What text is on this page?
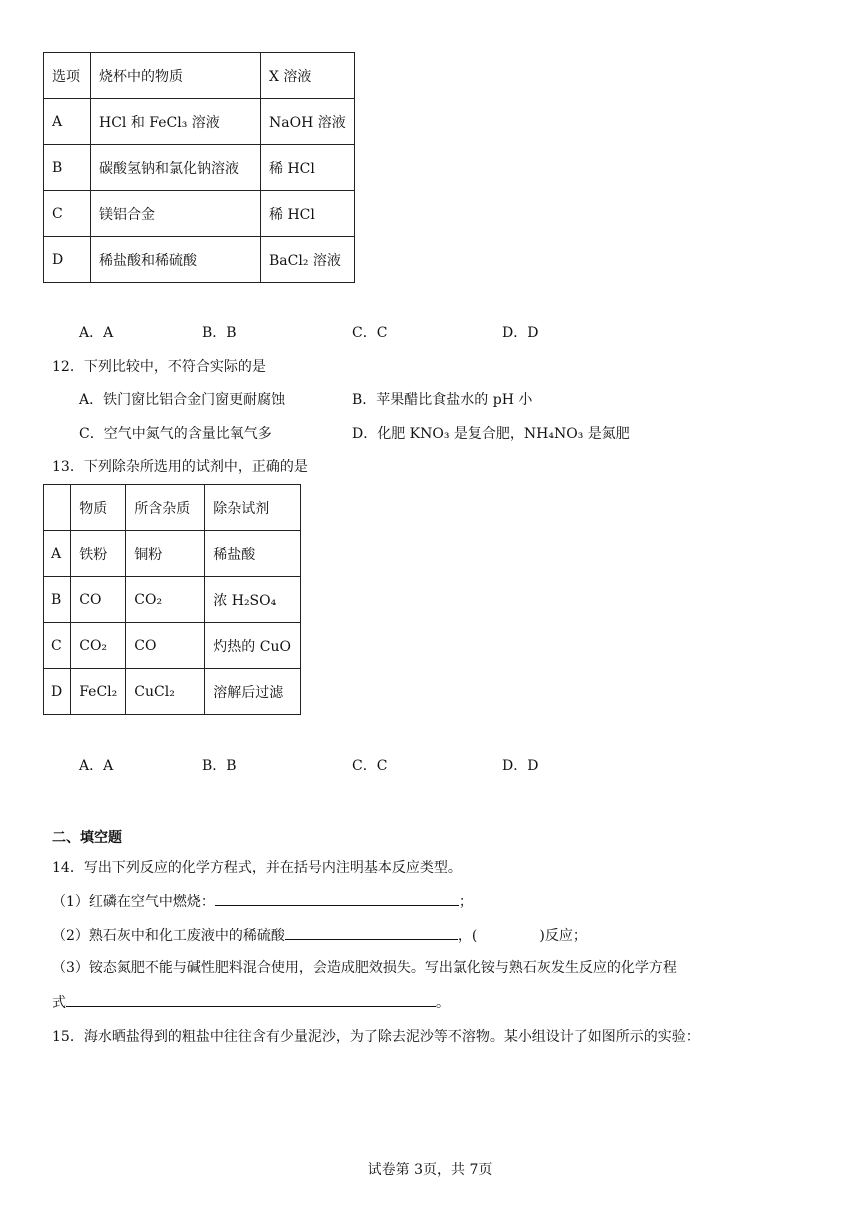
选项	烧杯中的物质	X 溶液
A	HCl 和 FeCl₃ 溶液	NaOH 溶液
B	碳酸氢钠和氯化钠溶液	稀 HCl
C	镁铝合金	稀 HCl
D	稀盐酸和稀硫酸	BaCl₂ 溶液
A．A	B．B	C．C	D．D
12．下列比较中，不符合实际的是
A．铁门窗比铝合金门窗更耐腐蚀	B．苹果醋比食盐水的 pH 小
C．空气中氮气的含量比氧气多	D．化肥 KNO₃ 是复合肥，NH₄NO₃ 是氮肥
13．下列除杂所选用的试剂中，正确的是
	物质	所含杂质	除杂试剂
A	铁粉	铜粉	稀盐酸
B	CO	CO₂	浓 H₂SO₄
C	CO₂	CO	灼热的 CuO
D	FeCl₂	CuCl₂	溶解后过滤
A．A	B．B	C．C	D．D
二、填空题
14．写出下列反应的化学方程式，并在括号内注明基本反应类型。
（1）红磷在空气中燃烧：	；
（2）熟石灰中和化工废液中的稀硫酸	，(	)反应；
（3）铵态氮肥不能与碱性肥料混合使用，会造成肥效损失。写出氯化铵与熟石灰发生反应的化学方程
式	。
15．海水晒盐得到的粗盐中往往含有少量泥沙，为了除去泥沙等不溶物。某小组设计了如图所示的实验：
试卷第 3页，共 7页
